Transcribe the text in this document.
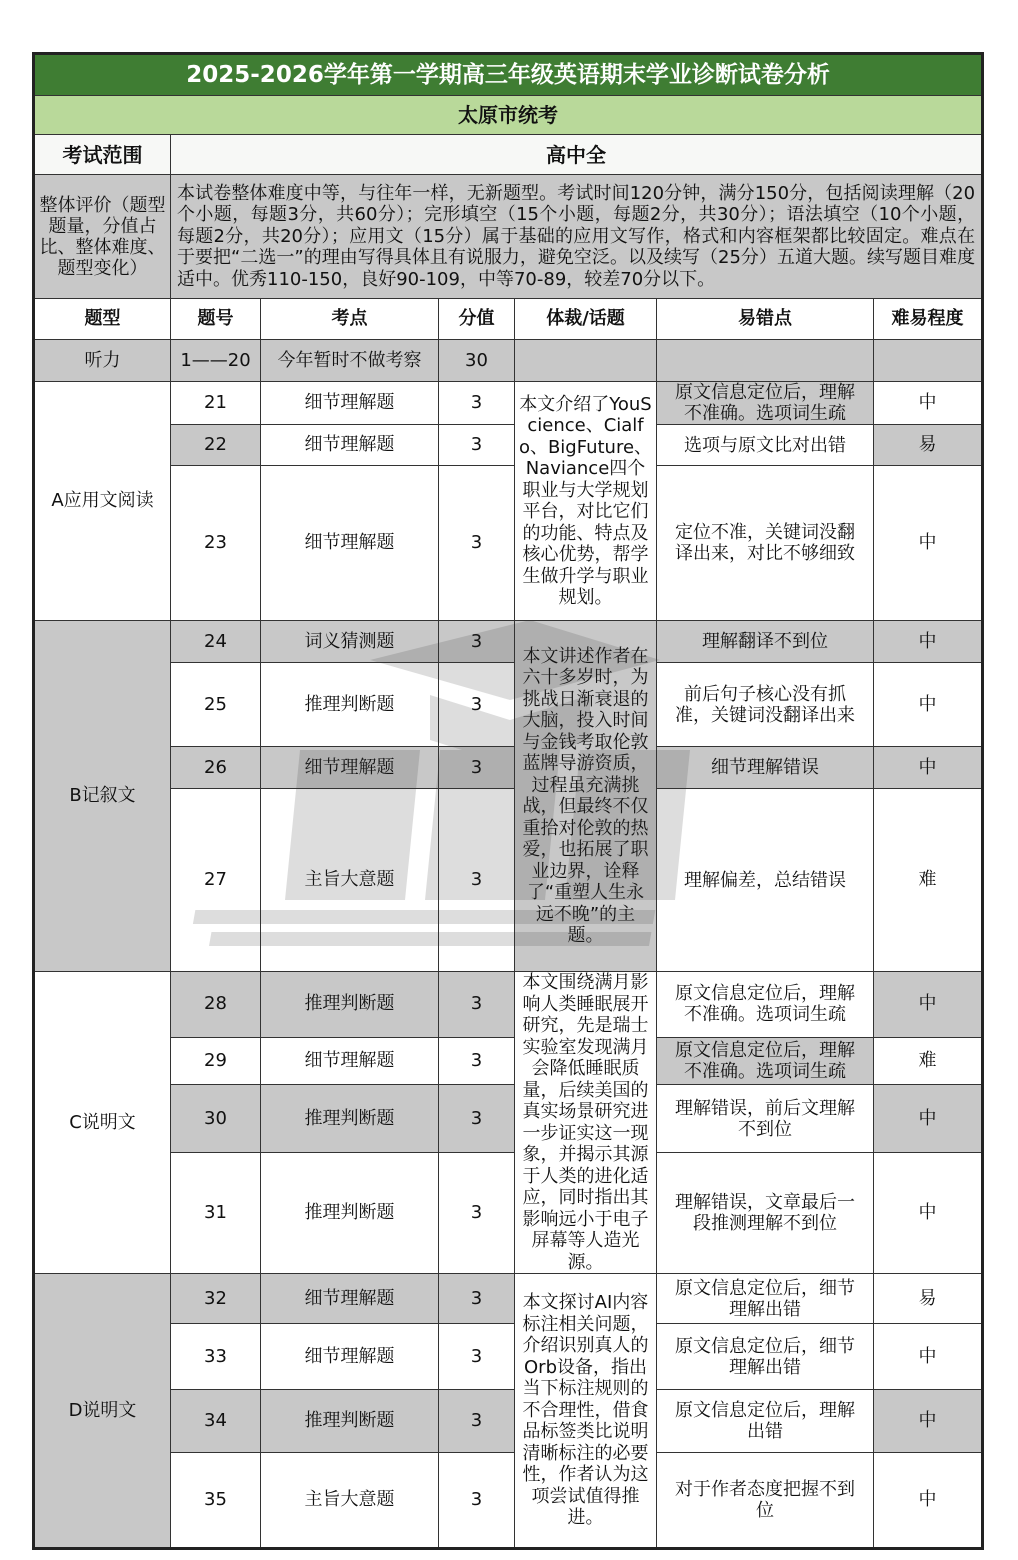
2025-2026学年第一学期高三年级英语期末学业诊断试卷分析						
太原市统考						
考试范围	高中全					
整体评价（题型题量，分值占比、整体难度、题型变化）	本试卷整体难度中等，与往年一样，无新题型。考试时间120分钟，满分150分，包括阅读理解（20个小题，每题3分，共60分）；完形填空（15个小题，每题2分，共30分）；语法填空（10个小题，每题2分，共20分）；应用文（15分）属于基础的应用文写作，格式和内容框架都比较固定。难点在于要把“二选一”的理由写得具体且有说服力，避免空泛。以及续写（25分）五道大题。续写题目难度适中。优秀110-150，良好90-109，中等70-89，较差70分以下。					
题型	题号	考点	分值	体裁/话题	易错点	难易程度
听力	1——20	今年暂时不做考察	30			
A应用文阅读	21	细节理解题	3	本文介绍了YouScience、Cialfo、BigFuture、Naviance四个职业与大学规划平台，对比它们的功能、特点及核心优势，帮学生做升学与职业规划。	原文信息定位后，理解不准确。选项词生疏	中
	22	细节理解题	3		选项与原文比对出错	易
	23	细节理解题	3		定位不准，关键词没翻译出来，对比不够细致	中
B记叙文	24	词义猜测题	3	本文讲述作者在六十多岁时，为挑战日渐衰退的大脑，投入时间与金钱考取伦敦蓝牌导游资质，过程虽充满挑战，但最终不仅重拾对伦敦的热爱，也拓展了职业边界，诠释了“重塑人生永远不晚”的主题。	理解翻译不到位	中
	25	推理判断题	3		前后句子核心没有抓准，关键词没翻译出来	中
	26	细节理解题	3		细节理解错误	中
	27	主旨大意题	3		理解偏差，总结错误	难
C说明文	28	推理判断题	3	本文围绕满月影响人类睡眠展开研究，先是瑞士实验室发现满月会降低睡眠质量，后续美国的真实场景研究进一步证实这一现象，并揭示其源于人类的进化适应，同时指出其影响远小于电子屏幕等人造光源。	原文信息定位后，理解不准确。选项词生疏	中
	29	细节理解题	3		原文信息定位后，理解不准确。选项词生疏	难
	30	推理判断题	3		理解错误，前后文理解不到位	中
	31	推理判断题	3		理解错误，文章最后一段推测理解不到位	中
D说明文	32	细节理解题	3	本文探讨AI内容标注相关问题，介绍识别真人的Orb设备，指出当下标注规则的不合理性，借食品标签类比说明清晰标注的必要性，作者认为这项尝试值得推进。	原文信息定位后，细节理解出错	易
	33	细节理解题	3		原文信息定位后，细节理解出错	中
	34	推理判断题	3		原文信息定位后，理解出错	中
	35	主旨大意题	3		对于作者态度把握不到位	中
